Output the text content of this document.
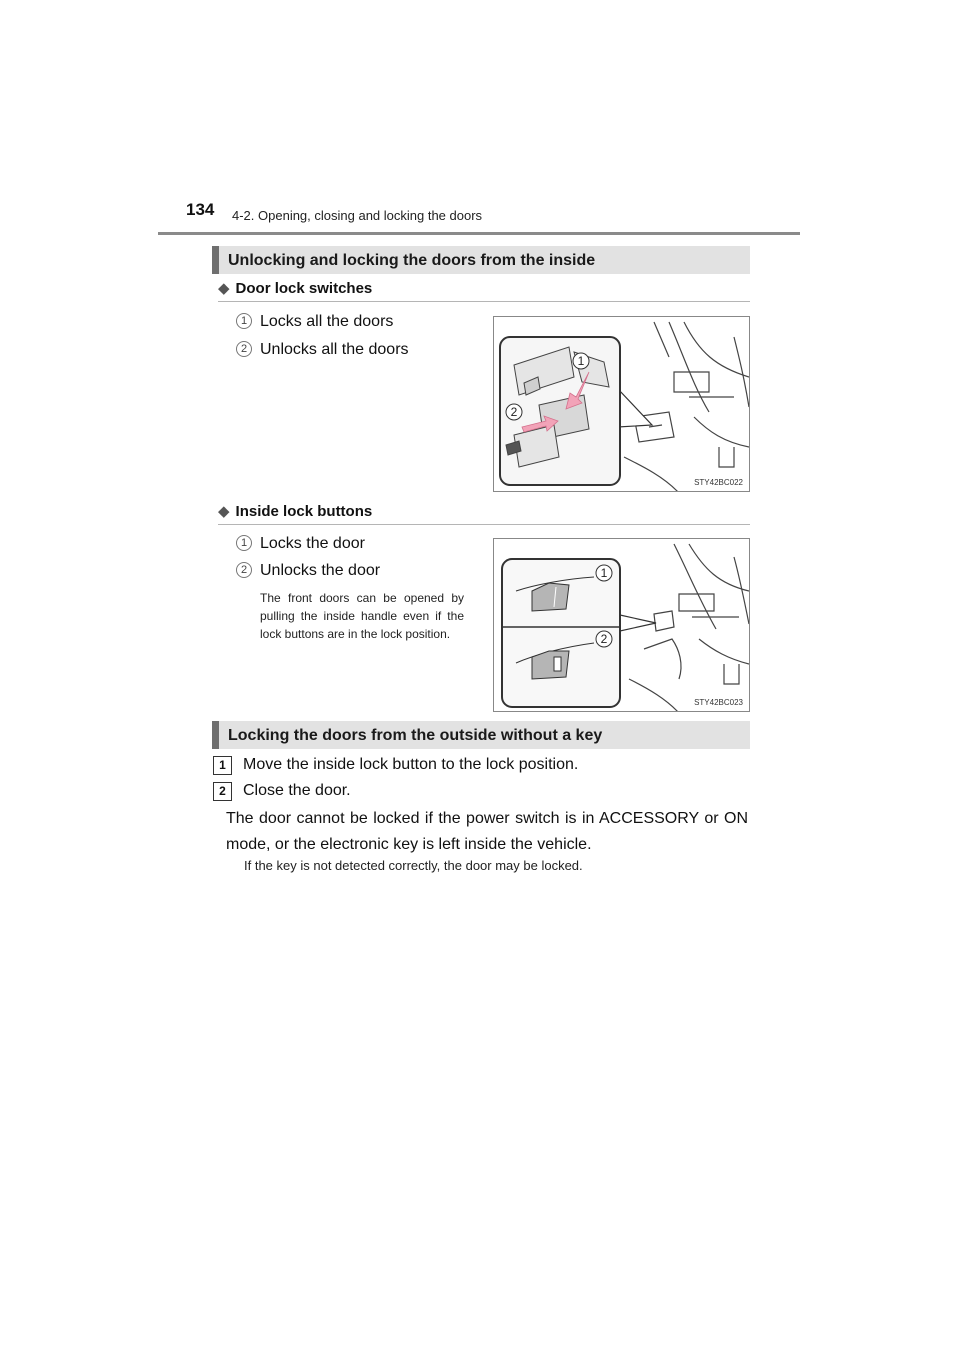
134 4-2. Opening, closing and locking the doors
Unlocking and locking the doors from the inside
◆ Door lock switches
1 Locks all the doors
2 Unlocks all the doors
1
2
STY42BC022
◆ Inside lock buttons
1 Locks the door
2 Unlocks the door
The front doors can be opened by pulling the inside handle even if the lock buttons are in the lock position.
1
2
STY42BC023
Locking the doors from the outside without a key
1	Move the inside lock button to the lock position.
2	Close the door.
The door cannot be locked if the power switch is in ACCESSORY or ON mode, or the electronic key is left inside the vehicle.
If the key is not detected correctly, the door may be locked.
